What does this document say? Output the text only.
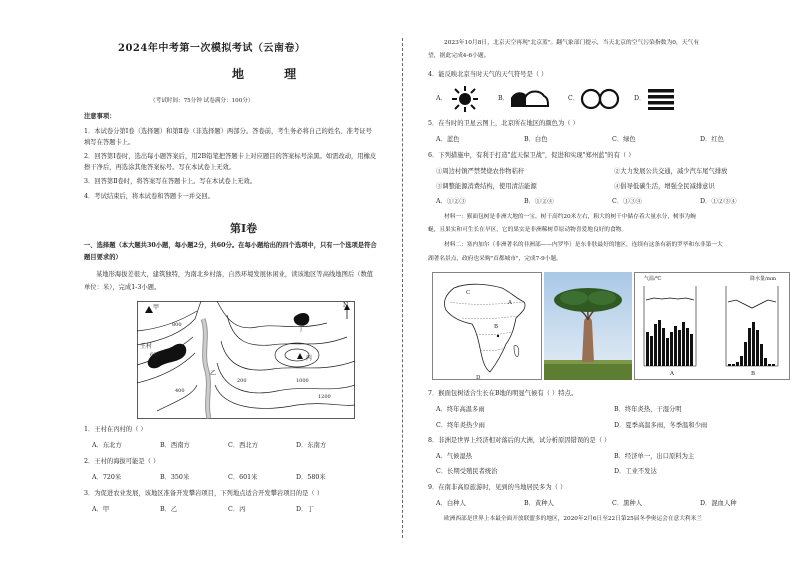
2024年中考第一次模拟考试（云南卷）
地 理
（考试时间：75分钟 试卷满分：100分）
注意事项：
1．本试卷分第Ⅰ卷（选择题）和第Ⅱ卷（非选择题）两部分。答卷前，考生务必将自己的姓名、准考证号
填写在答题卡上。
2．回答第Ⅰ卷时，选出每小题答案后，用2B铅笔把答题卡上对应题目的答案标号涂黑。如需改动，用橡皮
擦干净后，再选涂其他答案标号。写在本试卷上无效。
3．回答第Ⅱ卷时，将答案写在答题卡上。写在本试卷上无效。
4．考试结束后，将本试卷和答题卡一并交回。
第Ⅰ卷
一、选择题（本大题共30小题，每小题2分，共60分。在每小题给出的四个选项中，只有一个选项是符合
题目要求的）
某地形海拔差很大，建筑独特，为南北乡村落，自然环境发展休闲业，读该地区等高线地图后（数值
单位：米），完成1-3小题。
甲
乙
丙
丁
王村
N
800
600
400
200	1000
1200
1．王村在丙村的（ ）
A．东北方	B．西南方	C．西北方	D．东南方
2．王村的海拔可能是（ ）
A．720米	B．350米	C．601米	D．580米
3．为促进农业发展，该地区准备开发攀岩项目，下列地点适合开发攀岩项目的是（ ）
A．甲	B．乙	C．丙	D．丁
2023年10月8日，北京天空再现"北京蓝"。翻气象部门提示，当天北京的空气污染指数为0，天气有
望，据此完成4-6小题。
4．能反映北京当时天气的天气符号是（ ）
A．	B．	C．	D．
5．在当时的卫星云图上，北京所在地区的颜色为（ ）
A．蓝色	B．白色	C．绿色	D．红色
6．下列措施中，有利于打造"蓝天保卫战"，促进和实现"郑州蓝"的有（ ）
①周边村镇严禁焚烧农作物秸秆	②大力发展公共交通，减少汽车尾气排放
③调整能源消费结构，使用清洁能源	④倡导低碳生活，增强全民减排意识
A．①②③	B．①②④	C．①③④	D．①②③④
材料一：猴面包树是非洲大地的一宝，树干高约20米左右，粗大的树干中储存着大量水分，树事为蜿
蜒，且果实和可生长在旱区，它的果实是非洲稀树草原动物喜爱地良好的食物。
材料二：塞内加尔（非洲著名的非洲部——内罗毕）是东非肤最好的地区，连续有这条有新的罗毕和东非第一大
湖著名景点，政府也采购"首都城市"，完成7-9小题。
C
B
D
A
气温/℃	降水量/mm
A	B
7．猴面包树适合生长在B地的明显气候有（ ）特点。
A．终年高温多雨	B．终年炎热，干湿分明
C．终年炎热少雨	D．夏季高温多雨，冬季温和少雨
8．非洲是世界上经济相对落后的大洲，试分析原因错误的是（ ）
A．气候湿热	B．经济单一，出口原料为主
C．长期受殖民者统治	D．工业不发达
9．在南非高原旅游时，见到的当地居民多为（ ）
A．白种人	B．黄种人	C．黑种人	D．混血人种
欧洲西部是世界上本最全面开放联盟多的地区，2020年2月6日至22日第25届冬季奥运会在意大利米兰
